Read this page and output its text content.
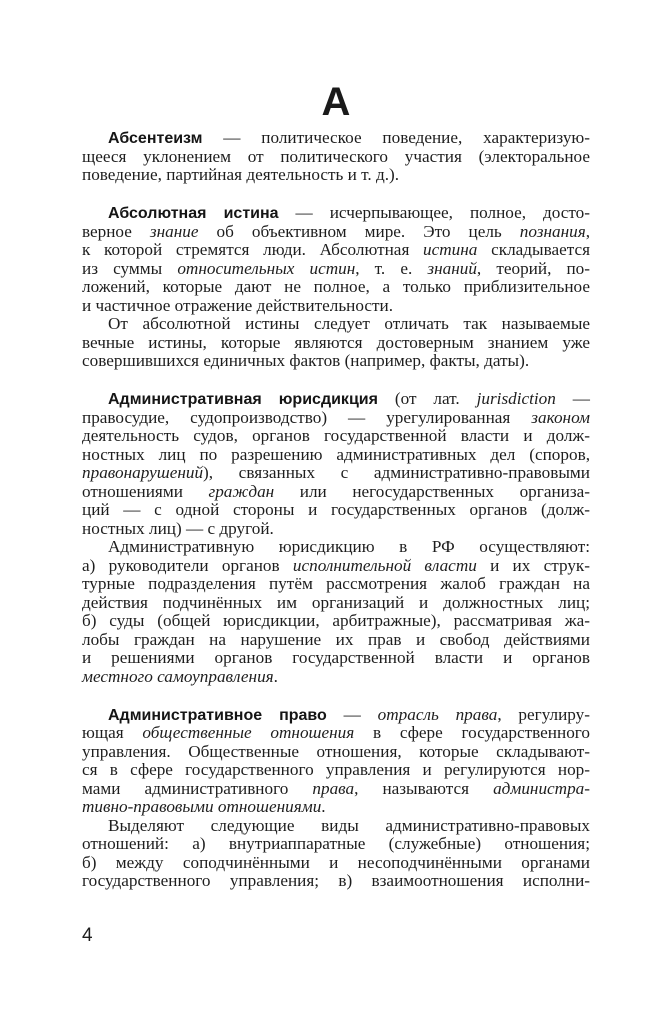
А
Абсентеизм — политическое поведение, характеризую-
щееся уклонением от политического участия (электоральное
поведение, партийная деятельность и т. д.).
Абсолютная истина — исчерпывающее, полное, досто-
верное знание об объективном мире. Это цель познания,
к которой стремятся люди. Абсолютная истина складывается
из суммы относительных истин, т. е. знаний, теорий, по-
ложений, которые дают не полное, а только приблизительное
и частичное отражение действительности.
От абсолютной истины следует отличать так называемые
вечные истины, которые являются достоверным знанием уже
совершившихся единичных фактов (например, факты, даты).
Административная юрисдикция (от лат. jurisdiction —
правосудие, судопроизводство) — урегулированная законом
деятельность судов, органов государственной власти и долж-
ностных лиц по разрешению административных дел (споров,
правонарушений), связанных с административно-правовыми
отношениями граждан или негосударственных организа-
ций — с одной стороны и государственных органов (долж-
ностных лиц) — с другой.
Административную юрисдикцию в РФ осуществляют:
а) руководители органов исполнительной власти и их струк-
турные подразделения путём рассмотрения жалоб граждан на
действия подчинённых им организаций и должностных лиц;
б) суды (общей юрисдикции, арбитражные), рассматривая жа-
лобы граждан на нарушение их прав и свобод действиями
и решениями органов государственной власти и органов
местного самоуправления.
Административное право — отрасль права, регулиру-
ющая общественные отношения в сфере государственного
управления. Общественные отношения, которые складывают-
ся в сфере государственного управления и регулируются нор-
мами административного права, называются администра-
тивно-правовыми отношениями.
Выделяют следующие виды административно-правовых
отношений: а) внутриаппаратные (служебные) отношения;
б) между соподчинёнными и несоподчинёнными органами
государственного управления; в) взаимоотношения исполни-
4
